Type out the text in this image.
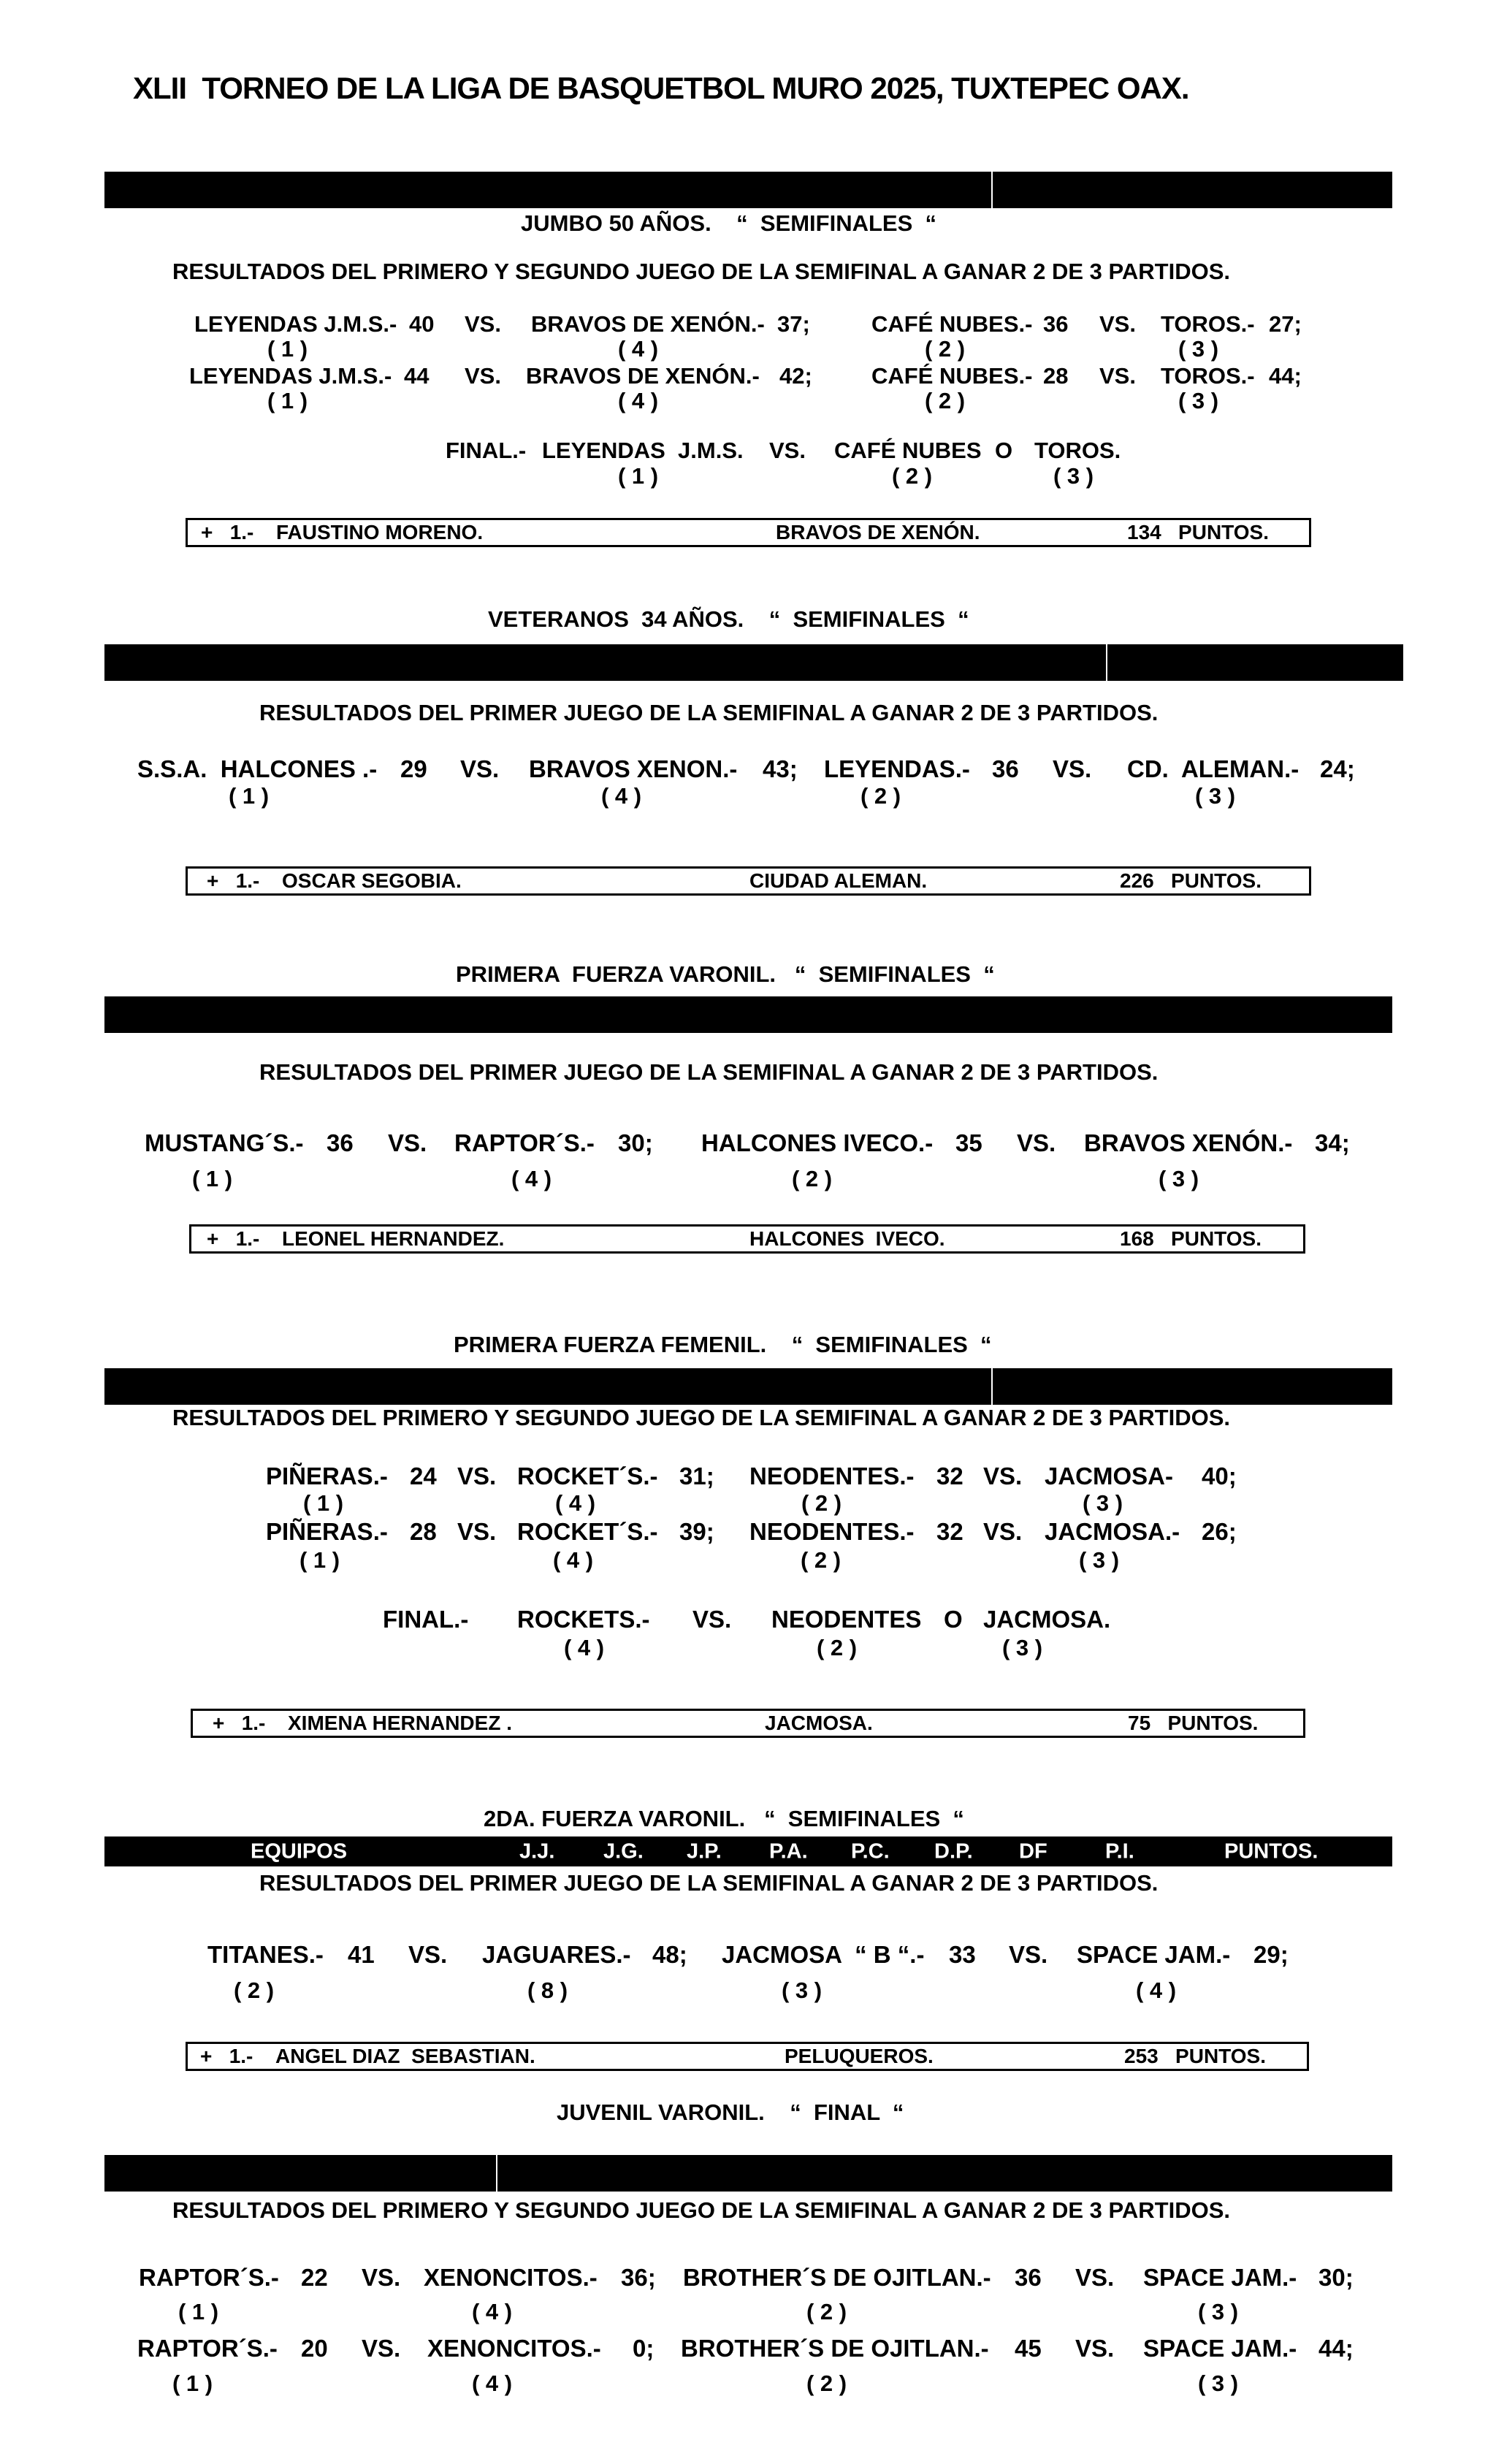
XLII  TORNEO DE LA LIGA DE BASQUETBOL MURO 2025, TUXTEPEC OAX.
JUMBO 50 AÑOS.    “  SEMIFINALES  “
RESULTADOS DEL PRIMERO Y SEGUNDO JUEGO DE LA SEMIFINAL A GANAR 2 DE 3 PARTIDOS.
LEYENDAS J.M.S.- 40 VS. BRAVOS DE XENÓN.- 37;	CAFÉ NUBES.- 36 VS. TOROS.- 27;
( 1 )	( 4 )	( 2 )	( 3 )
LEYENDAS J.M.S.- 44 VS. BRAVOS DE XENÓN.- 42;	CAFÉ NUBES.- 28 VS. TOROS.- 44;
( 1 )	( 4 )	( 2 )	( 3 )
FINAL.- LEYENDAS  J.M.S. VS. CAFÉ NUBES O TOROS.
( 1 )	( 2 )	( 3 )
+   1.- FAUSTINO MORENO.	BRAVOS DE XENÓN.	134   PUNTOS.
VETERANOS  34 AÑOS.    “  SEMIFINALES  “
RESULTADOS DEL PRIMER JUEGO DE LA SEMIFINAL A GANAR 2 DE 3 PARTIDOS.
S.S.A.  HALCONES .- 29 VS. BRAVOS XENON.- 43; LEYENDAS.- 36 VS. CD.  ALEMAN.- 24;
( 1 )	( 4 )	( 2 )	( 3 )
+   1.- OSCAR SEGOBIA.	CIUDAD ALEMAN.	226   PUNTOS.
PRIMERA  FUERZA VARONIL.   “  SEMIFINALES  “
RESULTADOS DEL PRIMER JUEGO DE LA SEMIFINAL A GANAR 2 DE 3 PARTIDOS.
MUSTANG´S.- 36 VS. RAPTOR´S.- 30; HALCONES IVECO.- 35 VS. BRAVOS XENÓN.- 34;
( 1 )	( 4 )	( 2 )	( 3 )
+   1.- LEONEL HERNANDEZ.	HALCONES  IVECO.	168   PUNTOS.
PRIMERA FUERZA FEMENIL.    “  SEMIFINALES  “
RESULTADOS DEL PRIMERO Y SEGUNDO JUEGO DE LA SEMIFINAL A GANAR 2 DE 3 PARTIDOS.
PIÑERAS.- 24 VS. ROCKET´S.- 31; NEODENTES.- 32 VS. JACMOSA- 40;
( 1 )	( 4 )	( 2 )	( 3 )
PIÑERAS.- 28 VS. ROCKET´S.- 39; NEODENTES.- 32 VS. JACMOSA.- 26;
( 1 )	( 4 )	( 2 )	( 3 )
FINAL.- ROCKETS.- VS. NEODENTES O JACMOSA.
( 4 )	( 2 )	( 3 )
+   1.- XIMENA HERNANDEZ .	JACMOSA.	75   PUNTOS.
2DA. FUERZA VARONIL.   “  SEMIFINALES  “
EQUIPOS	J.J. J.G. J.P. P.A. P.C. D.P. DF	P.I.	PUNTOS.
RESULTADOS DEL PRIMER JUEGO DE LA SEMIFINAL A GANAR 2 DE 3 PARTIDOS.
TITANES.- 41 VS. JAGUARES.- 48; JACMOSA  “ B “.- 33 VS. SPACE JAM.- 29;
( 2 )	( 8 )	( 3 )	( 4 )
+   1.- ANGEL DIAZ  SEBASTIAN.	PELUQUEROS.	253   PUNTOS.
JUVENIL VARONIL.    “  FINAL  “
RESULTADOS DEL PRIMERO Y SEGUNDO JUEGO DE LA SEMIFINAL A GANAR 2 DE 3 PARTIDOS.
RAPTOR´S.- 22 VS. XENONCITOS.- 36; BROTHER´S DE OJITLAN.- 36 VS. SPACE JAM.- 30;
( 1 )	( 4 )	( 2 )	( 3 )
RAPTOR´S.- 20 VS. XENONCITOS.- 0; BROTHER´S DE OJITLAN.- 45 VS. SPACE JAM.- 44;
( 1 )	( 4 )	( 2 )	( 3 )
